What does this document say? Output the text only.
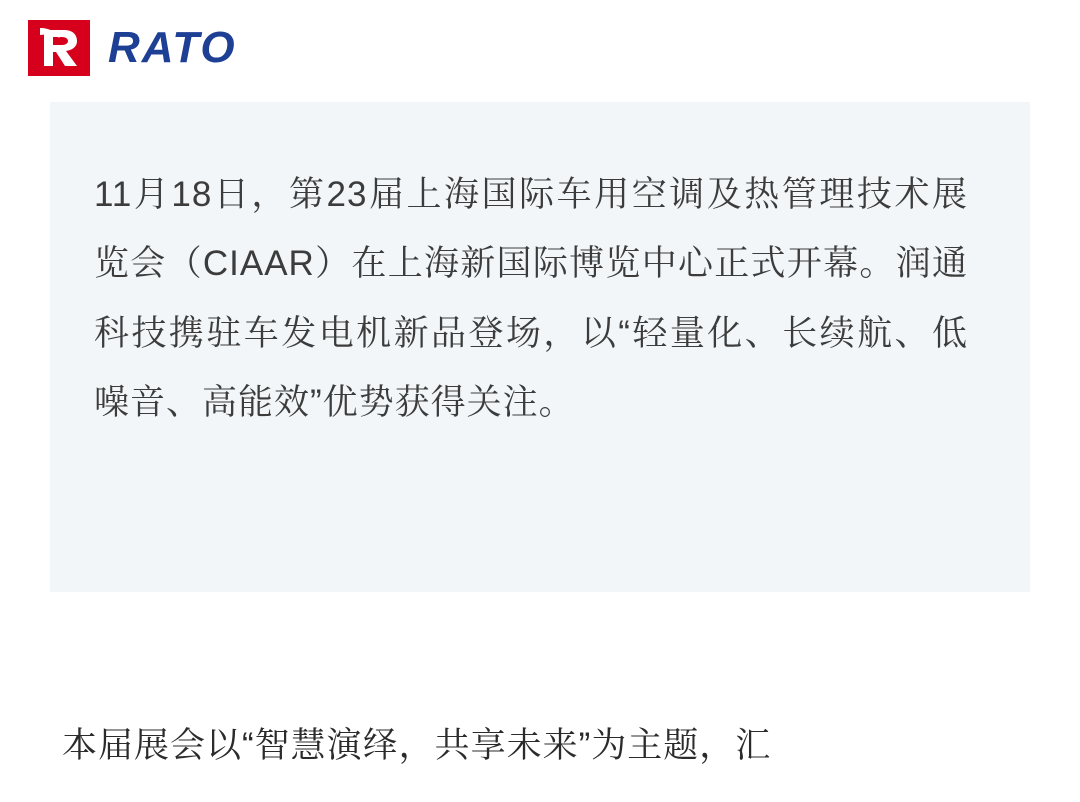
RATO

11月18日，第23届上海国际车用空调及热管理技术展览会（CIAAR）在上海新国际博览中心正式开幕。润通科技携驻车发电机新品登场，以“轻量化、长续航、低噪音、高能效”优势获得关注。

本届展会以“智慧演绎，共享未来”为主题，汇
